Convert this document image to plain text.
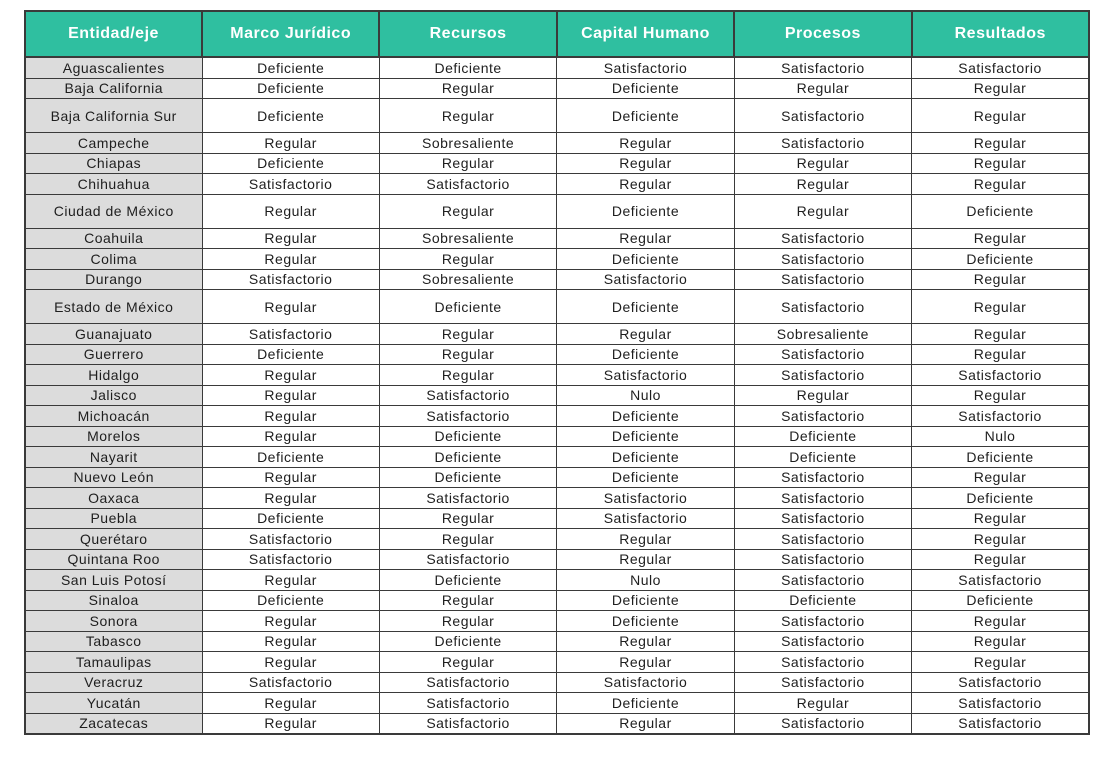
Entidad/eje	Marco Jurídico	Recursos	Capital Humano	Procesos	Resultados
Aguascalientes	Deficiente	Deficiente	Satisfactorio	Satisfactorio	Satisfactorio
Baja California	Deficiente	Regular	Deficiente	Regular	Regular
Baja California Sur	Deficiente	Regular	Deficiente	Satisfactorio	Regular
Campeche	Regular	Sobresaliente	Regular	Satisfactorio	Regular
Chiapas	Deficiente	Regular	Regular	Regular	Regular
Chihuahua	Satisfactorio	Satisfactorio	Regular	Regular	Regular
Ciudad de México	Regular	Regular	Deficiente	Regular	Deficiente
Coahuila	Regular	Sobresaliente	Regular	Satisfactorio	Regular
Colima	Regular	Regular	Deficiente	Satisfactorio	Deficiente
Durango	Satisfactorio	Sobresaliente	Satisfactorio	Satisfactorio	Regular
Estado de México	Regular	Deficiente	Deficiente	Satisfactorio	Regular
Guanajuato	Satisfactorio	Regular	Regular	Sobresaliente	Regular
Guerrero	Deficiente	Regular	Deficiente	Satisfactorio	Regular
Hidalgo	Regular	Regular	Satisfactorio	Satisfactorio	Satisfactorio
Jalisco	Regular	Satisfactorio	Nulo	Regular	Regular
Michoacán	Regular	Satisfactorio	Deficiente	Satisfactorio	Satisfactorio
Morelos	Regular	Deficiente	Deficiente	Deficiente	Nulo
Nayarit	Deficiente	Deficiente	Deficiente	Deficiente	Deficiente
Nuevo León	Regular	Deficiente	Deficiente	Satisfactorio	Regular
Oaxaca	Regular	Satisfactorio	Satisfactorio	Satisfactorio	Deficiente
Puebla	Deficiente	Regular	Satisfactorio	Satisfactorio	Regular
Querétaro	Satisfactorio	Regular	Regular	Satisfactorio	Regular
Quintana Roo	Satisfactorio	Satisfactorio	Regular	Satisfactorio	Regular
San Luis Potosí	Regular	Deficiente	Nulo	Satisfactorio	Satisfactorio
Sinaloa	Deficiente	Regular	Deficiente	Deficiente	Deficiente
Sonora	Regular	Regular	Deficiente	Satisfactorio	Regular
Tabasco	Regular	Deficiente	Regular	Satisfactorio	Regular
Tamaulipas	Regular	Regular	Regular	Satisfactorio	Regular
Veracruz	Satisfactorio	Satisfactorio	Satisfactorio	Satisfactorio	Satisfactorio
Yucatán	Regular	Satisfactorio	Deficiente	Regular	Satisfactorio
Zacatecas	Regular	Satisfactorio	Regular	Satisfactorio	Satisfactorio
